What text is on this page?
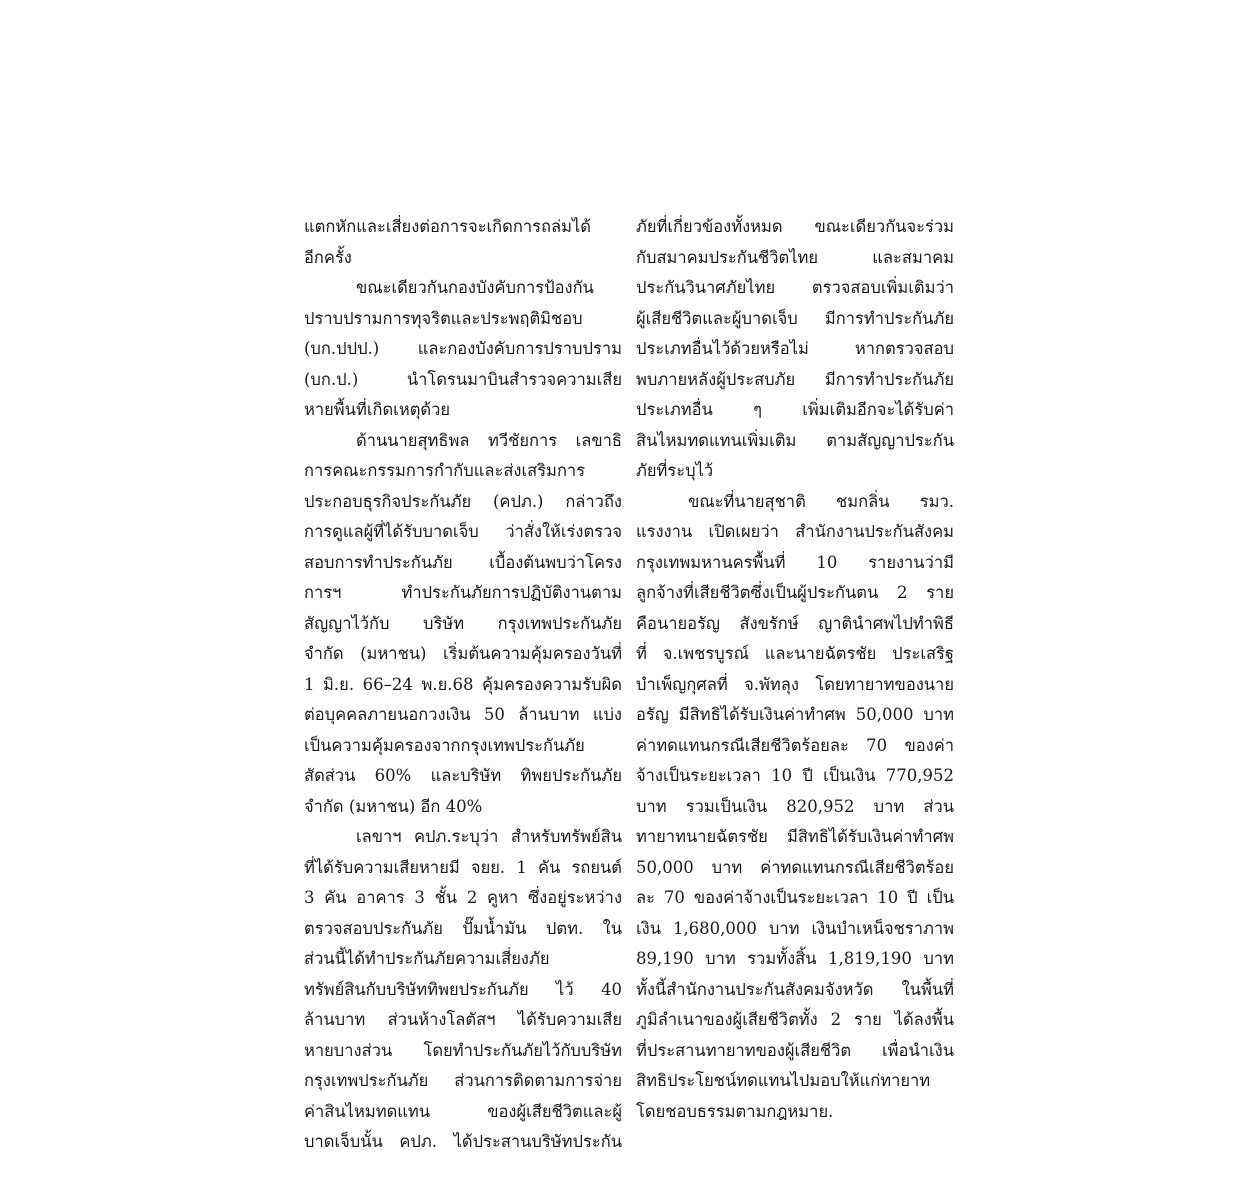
แตกหักและเสี่ยงต่อการจะเกิดการถล่มได้
อีกครั้ง
ขณะเดียวกันกองบังคับการป้องกัน
ปราบปรามการทุจริตและประพฤติมิชอบ
(บก.ปปป.) และกองบังคับการปราบปราม
(บก.ป.) นำโดรนมาบินสำรวจความเสีย
หายพื้นที่เกิดเหตุด้วย
ด้านนายสุทธิพล ทวีชัยการ เลขาธิ
การคณะกรรมการกำกับและส่งเสริมการ
ประกอบธุรกิจประกันภัย (คปภ.) กล่าวถึง
การดูแลผู้ที่ได้รับบาดเจ็บ ว่าสั่งให้เร่งตรวจ
สอบการทำประกันภัย เบื้องต้นพบว่าโครง
การฯ ทำประกันภัยการปฏิบัติงานตาม
สัญญาไว้กับ บริษัท กรุงเทพประกันภัย
จำกัด (มหาชน) เริ่มต้นความคุ้มครองวันที่
1 มิ.ย. 66–24 พ.ย.68 คุ้มครองความรับผิด
ต่อบุคคลภายนอกวงเงิน 50 ล้านบาท แบ่ง
เป็นความคุ้มครองจากกรุงเทพประกันภัย
สัดส่วน 60% และบริษัท ทิพยประกันภัย
จำกัด (มหาชน) อีก 40%
เลขาฯ คปภ.ระบุว่า สำหรับทรัพย์สิน
ที่ได้รับความเสียหายมี จยย. 1 คัน รถยนต์
3 คัน อาคาร 3 ชั้น 2 คูหา ซึ่งอยู่ระหว่าง
ตรวจสอบประกันภัย ปั๊มน้ำมัน ปตท. ใน
ส่วนนี้ได้ทำประกันภัยความเสี่ยงภัย
ทรัพย์สินกับบริษัททิพยประกันภัย ไว้ 40
ล้านบาท ส่วนห้างโลตัสฯ ได้รับความเสีย
หายบางส่วน โดยทำประกันภัยไว้กับบริษัท
กรุงเทพประกันภัย ส่วนการติดตามการจ่าย
ค่าสินไหมทดแทน ของผู้เสียชีวิตและผู้
บาดเจ็บนั้น คปภ. ได้ประสานบริษัทประกัน
ภัยที่เกี่ยวข้องทั้งหมด ขณะเดียวกันจะร่วม
กับสมาคมประกันชีวิตไทย และสมาคม
ประกันวินาศภัยไทย ตรวจสอบเพิ่มเติมว่า
ผู้เสียชีวิตและผู้บาดเจ็บ มีการทำประกันภัย
ประเภทอื่นไว้ด้วยหรือไม่ หากตรวจสอบ
พบภายหลังผู้ประสบภัย มีการทำประกันภัย
ประเภทอื่น ๆ เพิ่มเติมอีกจะได้รับค่า
สินไหมทดแทนเพิ่มเติม ตามสัญญาประกัน
ภัยที่ระบุไว้
ขณะที่นายสุชาติ ชมกลิ่น รมว.
แรงงาน เปิดเผยว่า สำนักงานประกันสังคม
กรุงเทพมหานครพื้นที่ 10 รายงานว่ามี
ลูกจ้างที่เสียชีวิตซึ่งเป็นผู้ประกันตน 2 ราย
คือนายอรัญ สังขรักษ์ ญาตินำศพไปทำพิธี
ที่ จ.เพชรบูรณ์ และนายฉัตรชัย ประเสริฐ
บำเพ็ญกุศลที่ จ.พัทลุง โดยทายาทของนาย
อรัญ มีสิทธิได้รับเงินค่าทำศพ 50,000 บาท
ค่าทดแทนกรณีเสียชีวิตร้อยละ 70 ของค่า
จ้างเป็นระยะเวลา 10 ปี เป็นเงิน 770,952
บาท รวมเป็นเงิน 820,952 บาท ส่วน
ทายาทนายฉัตรชัย มีสิทธิได้รับเงินค่าทำศพ
50,000 บาท ค่าทดแทนกรณีเสียชีวิตร้อย
ละ 70 ของค่าจ้างเป็นระยะเวลา 10 ปี เป็น
เงิน 1,680,000 บาท เงินบำเหน็จชราภาพ
89,190 บาท รวมทั้งสิ้น 1,819,190 บาท
ทั้งนี้สำนักงานประกันสังคมจังหวัด ในพื้นที่
ภูมิลำเนาของผู้เสียชีวิตทั้ง 2 ราย ได้ลงพื้น
ที่ประสานทายาทของผู้เสียชีวิต เพื่อนำเงิน
สิทธิประโยชน์ทดแทนไปมอบให้แก่ทายาท
โดยชอบธรรมตามกฎหมาย.
